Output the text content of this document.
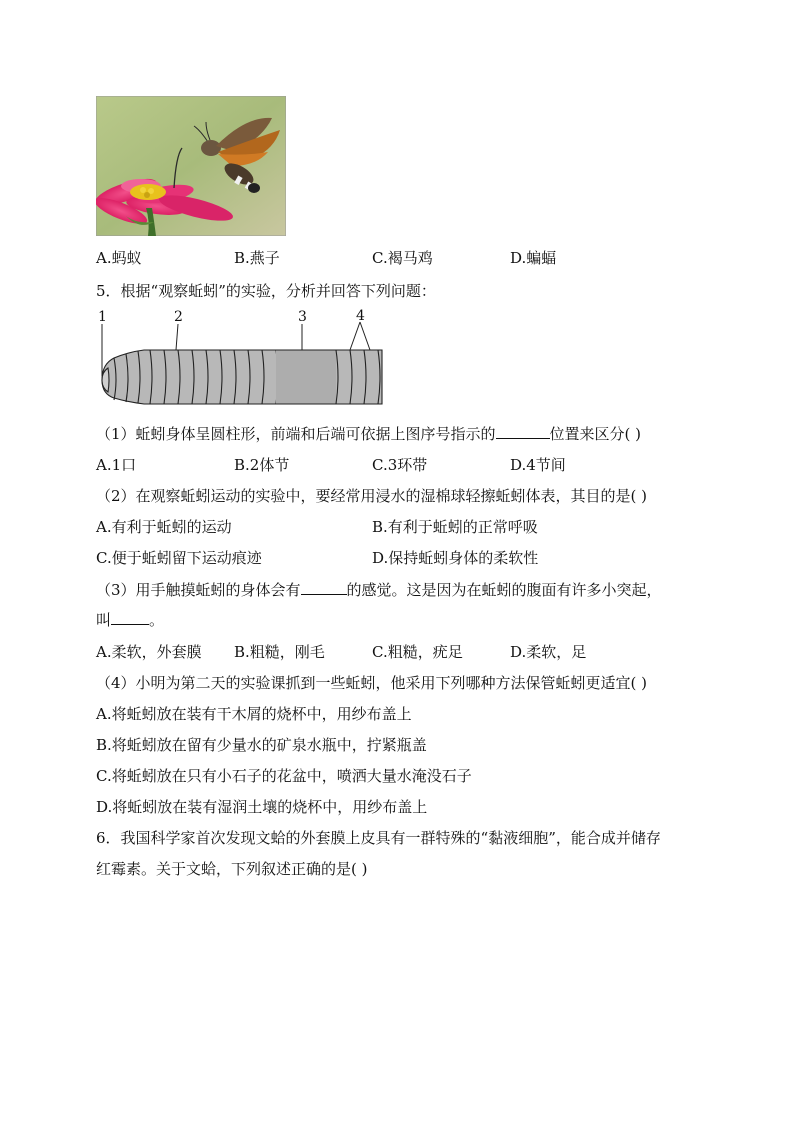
A.蚂蚁	B.燕子	C.褐马鸡	D.蝙蝠
5．根据“观察蚯蚓”的实验，分析并回答下列问题：
1	2	3	4
（1）蚯蚓身体呈圆柱形，前端和后端可依据上图序号指示的	位置来区分( )
A.1口	B.2体节	C.3环带	D.4节间
（2）在观察蚯蚓运动的实验中，要经常用浸水的湿棉球轻擦蚯蚓体表，其目的是( )
A.有利于蚯蚓的运动	B.有利于蚯蚓的正常呼吸
C.便于蚯蚓留下运动痕迹	D.保持蚯蚓身体的柔软性
（3）用手触摸蚯蚓的身体会有	的感觉。这是因为在蚯蚓的腹面有许多小突起，
叫	。
A.柔软，外套膜 B.粗糙，刚毛	C.粗糙，疣足	D.柔软，足
（4）小明为第二天的实验课抓到一些蚯蚓，他采用下列哪种方法保管蚯蚓更适宜( )
A.将蚯蚓放在装有干木屑的烧杯中，用纱布盖上
B.将蚯蚓放在留有少量水的矿泉水瓶中，拧紧瓶盖
C.将蚯蚓放在只有小石子的花盆中，喷洒大量水淹没石子
D.将蚯蚓放在装有湿润土壤的烧杯中，用纱布盖上
6．我国科学家首次发现文蛤的外套膜上皮具有一群特殊的“黏液细胞”，能合成并储存
红霉素。关于文蛤，下列叙述正确的是( )
